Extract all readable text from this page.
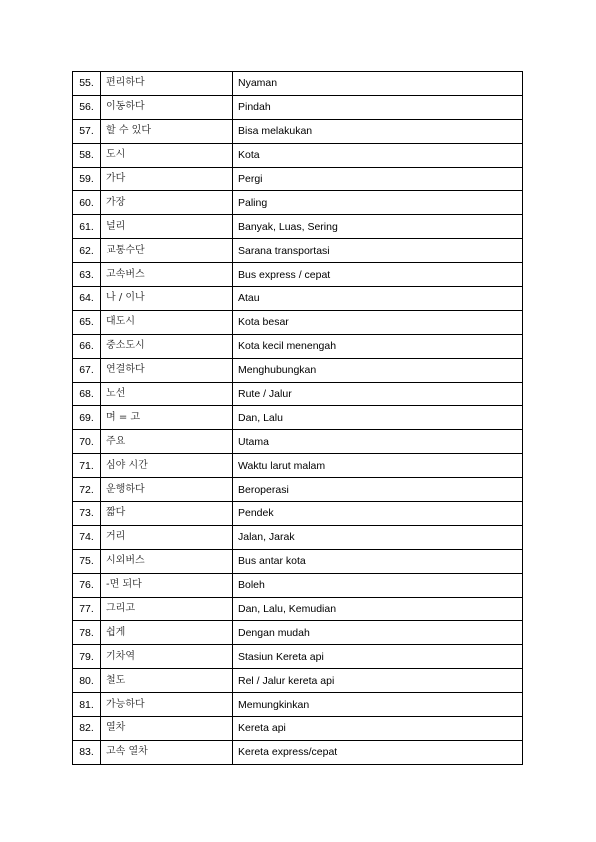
55.	편리하다	Nyaman
56.	이동하다	Pindah
57.	할 수 있다	Bisa melakukan
58.	도시	Kota
59.	가다	Pergi
60.	가장	Paling
61.	널리	Banyak, Luas, Sering
62.	교통수단	Sarana transportasi
63.	고속버스	Bus express / cepat
64.	나 / 이나	Atau
65.	대도시	Kota besar
66.	중소도시	Kota kecil menengah
67.	연결하다	Menghubungkan
68.	노선	Rute / Jalur
69.	며 = 고	Dan, Lalu
70.	주요	Utama
71.	심야 시간	Waktu larut malam
72.	운행하다	Beroperasi
73.	짧다	Pendek
74.	거리	Jalan, Jarak
75.	시외버스	Bus antar kota
76.	-면 되다	Boleh
77.	그리고	Dan, Lalu, Kemudian
78.	쉽게	Dengan mudah
79.	기차역	Stasiun Kereta api
80.	철도	Rel / Jalur kereta api
81.	가능하다	Memungkinkan
82.	열차	Kereta api
83.	고속 열차	Kereta express/cepat
